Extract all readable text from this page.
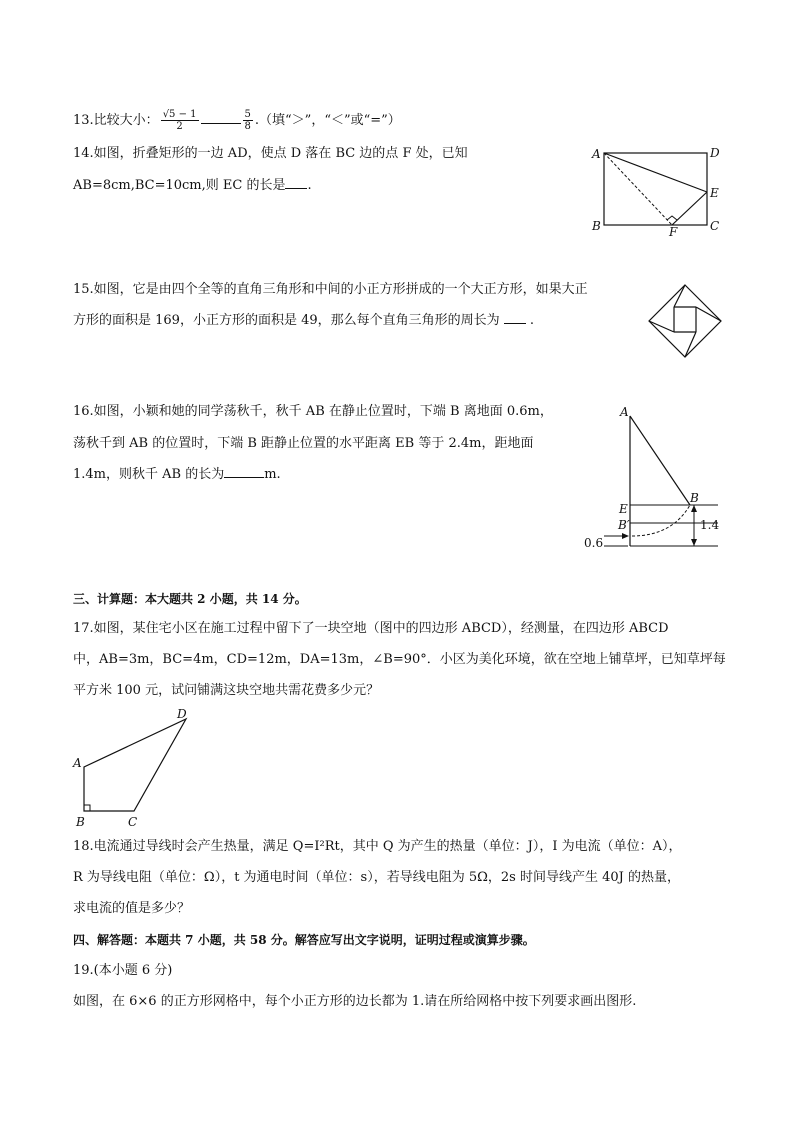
13.比较大小： $\frac{√5 - 1}{2}$	$\frac{5}{8}$ .（填“＞”，“＜”或“=”）
14.如图，折叠矩形的一边 AD，使点 D 落在 BC 边的点 F 处，已知
AB=8cm,BC=10cm,则 EC 的长是 .
A	D
E
B	F	C
15.如图，它是由四个全等的直角三角形和中间的小正方形拼成的一个大正方形，如果大正
方形的面积是 169，小正方形的面积是 49，那么每个直角三角形的周长为 .
16.如图，小颖和她的同学荡秋千，秋千 AB 在静止位置时，下端 B 离地面 0.6m，
荡秋千到 AB 的位置时，下端 B 距静止位置的水平距离 EB 等于 2.4m，距地面
1.4m，则秋千 AB 的长为	m.
A
B
E
B′	1.4
0.6
三、计算题：本大题共 2 小题，共 14 分。
17.如图，某住宅小区在施工过程中留下了一块空地（图中的四边形 ABCD），经测量，在四边形 ABCD
中，AB=3m，BC=4m，CD=12m，DA=13m，∠B=90°．小区为美化环境，欲在空地上铺草坪，已知草坪每
平方米 100 元，试问铺满这块空地共需花费多少元？
A
B	C
D
18.电流通过导线时会产生热量，满足 Q=I²Rt，其中 Q 为产生的热量（单位：J），I 为电流（单位：A），
R 为导线电阻（单位：Ω），t 为通电时间（单位：s），若导线电阻为 5Ω，2s 时间导线产生 40J 的热量，
求电流的值是多少？
四、解答题：本题共 7 小题，共 58 分。解答应写出文字说明，证明过程或演算步骤。
19.(本小题 6 分)
如图，在 6×6 的正方形网格中，每个小正方形的边长都为 1.请在所给网格中按下列要求画出图形.
